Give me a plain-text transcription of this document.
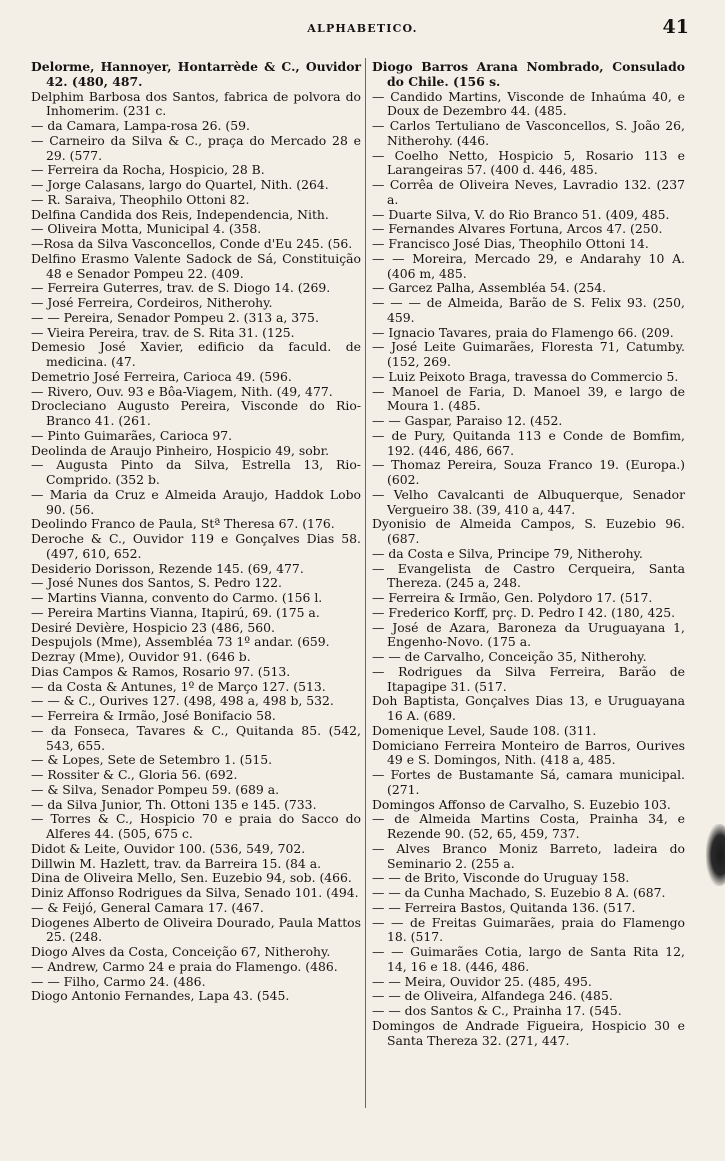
ALPHABETICO.	41
Delorme, Hannoyer, Hontarrède & C., Ouvidor 42. (480, 487.
Delphim Barbosa dos Santos, fabrica de polvora do Inhomerim. (231 c.
— da Camara, Lampa-rosa 26. (59.
— Carneiro da Silva & C., praça do Mercado 28 e 29. (577.
— Ferreira da Rocha, Hospicio, 28 B.
— Jorge Calasans, largo do Quartel, Nith. (264.
— R. Saraiva, Theophilo Ottoni 82.
Delfina Candida dos Reis, Independencia, Nith.
— Oliveira Motta, Municipal 4. (358.
—Rosa da Silva Vasconcellos, Conde d'Eu 245. (56.
Delfino Erasmo Valente Sadock de Sá, Constituição 48 e Senador Pompeu 22. (409.
— Ferreira Guterres, trav. de S. Diogo 14. (269.
— José Ferreira, Cordeiros, Nitherohy.
— — Pereira, Senador Pompeu 2. (313 a, 375.
— Vieira Pereira, trav. de S. Rita 31. (125.
Demesio José Xavier, edificio da faculd. de medicina. (47.
Demetrio José Ferreira, Carioca 49. (596.
— Rivero, Ouv. 93 e Bôa-Viagem, Nith. (49, 477.
Drocleciano Augusto Pereira, Visconde do Rio-Branco 41. (261.
— Pinto Guimarães, Carioca 97.
Deolinda de Araujo Pinheiro, Hospicio 49, sobr.
— Augusta Pinto da Silva, Estrella 13, Rio-Comprido. (352 b.
— Maria da Cruz e Almeida Araujo, Haddok Lobo 90. (56.
Deolindo Franco de Paula, Stª Theresa 67. (176.
Deroche & C., Ouvidor 119 e Gonçalves Dias 58. (497, 610, 652.
Desiderio Dorisson, Rezende 145. (69, 477.
— José Nunes dos Santos, S. Pedro 122.
— Martins Vianna, convento do Carmo. (156 l.
— Pereira Martins Vianna, Itapirú, 69. (175 a.
Desiré Devière, Hospicio 23 (486, 560.
Despujols (Mme), Assembléa 73 1º andar. (659.
Dezray (Mme), Ouvidor 91. (646 b.
Dias Campos & Ramos, Rosario 97. (513.
— da Costa & Antunes, 1º de Março 127. (513.
— — & C., Ourives 127. (498, 498 a, 498 b, 532.
— Ferreira & Irmão, José Bonifacio 58.
— da Fonseca, Tavares & C., Quitanda 85. (542, 543, 655.
— & Lopes, Sete de Setembro 1. (515.
— Rossiter & C., Gloria 56. (692.
— & Silva, Senador Pompeu 59. (689 a.
— da Silva Junior, Th. Ottoni 135 e 145. (733.
— Torres & C., Hospicio 70 e praia do Sacco do Alferes 44. (505, 675 c.
Didot & Leite, Ouvidor 100. (536, 549, 702.
Dillwin M. Hazlett, trav. da Barreira 15. (84 a.
Dina de Oliveira Mello, Sen. Euzebio 94, sob. (466.
Diniz Affonso Rodrigues da Silva, Senado 101. (494.
— & Feijó, General Camara 17. (467.
Diogenes Alberto de Oliveira Dourado, Paula Mattos 25. (248.
Diogo Alves da Costa, Conceição 67, Nitherohy.
— Andrew, Carmo 24 e praia do Flamengo. (486.
— — Filho, Carmo 24. (486.
Diogo Antonio Fernandes, Lapa 43. (545.
Diogo Barros Arana Nombrado, Consulado do Chile. (156 s.
— Candido Martins, Visconde de Inhaúma 40, e Doux de Dezembro 44. (485.
— Carlos Tertuliano de Vasconcellos, S. João 26, Nitherohy. (446.
— Coelho Netto, Hospicio 5, Rosario 113 e Larangeiras 57. (400 d. 446, 485.
— Corrêa de Oliveira Neves, Lavradio 132. (237 a.
— Duarte Silva, V. do Rio Branco 51. (409, 485.
— Fernandes Alvares Fortuna, Arcos 47. (250.
— Francisco José Dias, Theophilo Ottoni 14.
— — Moreira, Mercado 29, e Andarahy 10 A. (406 m, 485.
— Garcez Palha, Assembléa 54. (254.
— — — de Almeida, Barão de S. Felix 93. (250, 459.
— Ignacio Tavares, praia do Flamengo 66. (209.
— José Leite Guimarães, Floresta 71, Catumby. (152, 269.
— Luiz Peixoto Braga, travessa do Commercio 5.
— Manoel de Faria, D. Manoel 39, e largo de Moura 1. (485.
— — Gaspar, Paraiso 12. (452.
— de Pury, Quitanda 113 e Conde de Bomfim, 192. (446, 486, 667.
— Thomaz Pereira, Souza Franco 19. (Europa.) (602.
— Velho Cavalcanti de Albuquerque, Senador Vergueiro 38. (39, 410 a, 447.
Dyonisio de Almeida Campos, S. Euzebio 96. (687.
— da Costa e Silva, Principe 79, Nitherohy.
— Evangelista de Castro Cerqueira, Santa Thereza. (245 a, 248.
— Ferreira & Irmão, Gen. Polydoro 17. (517.
— Frederico Korff, prç. D. Pedro I 42. (180, 425.
— José de Azara, Baroneza da Uruguayana 1, Engenho-Novo. (175 a.
— — de Carvalho, Conceição 35, Nitherohy.
— Rodrigues da Silva Ferreira, Barão de Itapagipe 31. (517.
Doh Baptista, Gonçalves Dias 13, e Uruguayana 16 A. (689.
Domenique Level, Saude 108. (311.
Domiciano Ferreira Monteiro de Barros, Ourives 49 e S. Domingos, Nith. (418 a, 485.
— Fortes de Bustamante Sá, camara municipal. (271.
Domingos Affonso de Carvalho, S. Euzebio 103.
— de Almeida Martins Costa, Prainha 34, e Rezende 90. (52, 65, 459, 737.
— Alves Branco Moniz Barreto, ladeira do Seminario 2. (255 a.
— — de Brito, Visconde do Uruguay 158.
— — da Cunha Machado, S. Euzebio 8 A. (687.
— — Ferreira Bastos, Quitanda 136. (517.
— — de Freitas Guimarães, praia do Flamengo 18. (517.
— — Guimarães Cotia, largo de Santa Rita 12, 14, 16 e 18. (446, 486.
— — Meira, Ouvidor 25. (485, 495.
— — de Oliveira, Alfandega 246. (485.
— — dos Santos & C., Prainha 17. (545.
Domingos de Andrade Figueira, Hospicio 30 e Santa Thereza 32. (271, 447.
